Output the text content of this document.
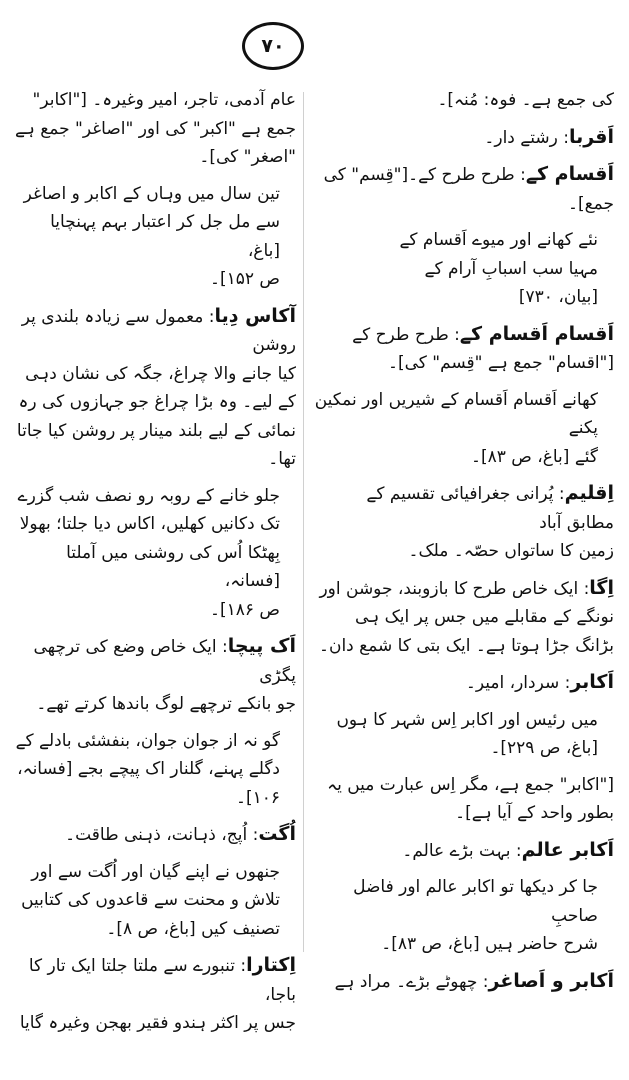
۷۰
کی جمع ہے۔ فوہ: مُنہ]۔
اَقربا: رشتے دار۔
اَقسام کے: طرح طرح کے۔["قِسم" کی
جمع]۔
نئے کھانے اور میوے اَقسام کے
مہیا سب اسبابِ آرام کے
[بیان، ۷۳۰]
اَقسام اَقسام کے: طرح طرح کے
["اقسام" جمع ہے "قِسم" کی]۔
کھانے اَقسام اَقسام کے شیریں اور نمکین پکنے
گئے [باغ، ص ۸۳]۔
اِقلیم: پُرانی جغرافیائی تقسیم کے مطابق آباد
زمین کا ساتواں حصّہ۔ ملک۔
اِگا: ایک خاص طرح کا بازوبند، جوشن اور
نونگے کے مقابلے میں جس پر ایک ہی
بڑانگ جڑا ہوتا ہے۔ ایک بتی کا شمع دان۔
اَکابر: سردار، امیر۔
میں رئیس اور اکابر اِس شہر کا ہوں
[باغ، ص ۲۲۹]۔
["اکابر" جمع ہے، مگر اِس عبارت میں یہ
بطور واحد کے آیا ہے]۔
اَکابر عالم: بہت بڑے عالم۔
جا کر دیکھا تو اکابر عالم اور فاضل صاحبِ
شرح حاضر ہیں [باغ، ص ۸۳]۔
اَکابر و اَصاغر: چھوٹے بڑے۔ مراد ہے
عام آدمی، تاجر، امیر وغیرہ۔ ["اکابر"
جمع ہے "اکبر" کی اور "اصاغر" جمع ہے
"اصغر" کی]۔
تین سال میں وہاں کے اکابر و اصاغر
سے مل جل کر اعتبار بہم پہنچایا [باغ،
ص ۱۵۲]۔
آکاس دِیا: معمول سے زیادہ بلندی پر روشن
کیا جانے والا چراغ، جگہ کی نشان دہی
کے لیے۔ وہ بڑا چراغ جو جہازوں کی رہ
نمائی کے لیے بلند مینار پر روشن کیا جاتا
تھا۔
جلو خانے کے روبہ رو نصف شب گزرے
تک دکانیں کھلیں، اکاس دیا جلتا؛ بھولا
بِھٹکا اُس کی روشنی میں آملتا [فسانہ،
ص ۱۸۶]۔
اَک پیچا: ایک خاص وضع کی ترچھی پگڑی
جو بانکے ترچھے لوگ باندھا کرتے تھے۔
گو نہ از جوان جوان، بنفشئی بادلے کے
دگلے پہنے، گلنار اک پیچے بجے [فسانہ،
۱۰۶]۔
اُگت: اُپج، ذہانت، ذہنی طاقت۔
جنھوں نے اپنے گیان اور اُگت سے اور
تلاش و محنت سے قاعدوں کی کتابیں
تصنیف کیں [باغ، ص ۸]۔
اِکتارا: تنبورے سے ملتا جلتا ایک تار کا باجا،
جس پر اکثر ہندو فقیر بھجن وغیرہ گایا
